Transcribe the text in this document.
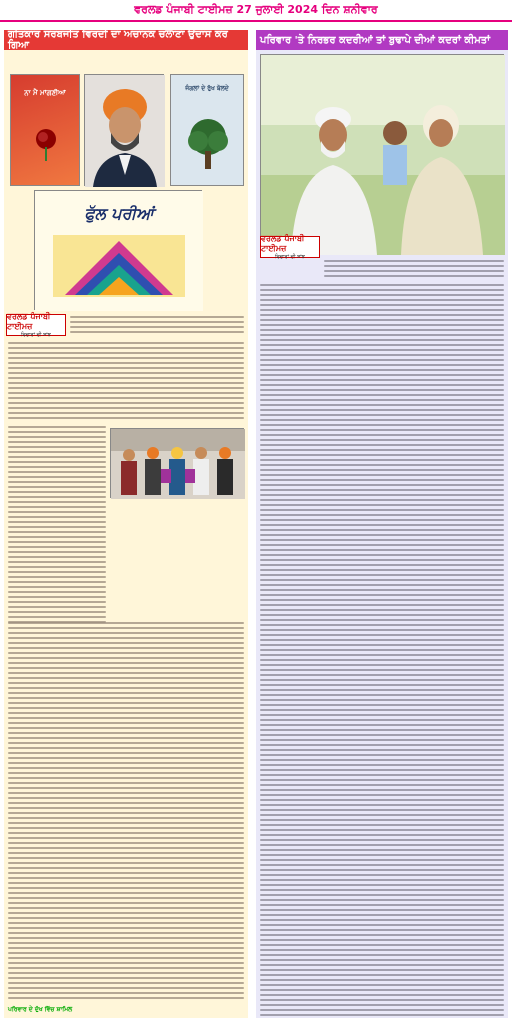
ਵਰਲਡ ਪੰਜਾਬੀ ਟਾਈਮਜ਼ 27 ਜੁਲਾਈ 2024 ਦਿਨ ਸ਼ਨੀਵਾਰ
ਗੀਤਕਾਰ ਸਰਬਜੀਤ ਵਿਰਦੀ ਦਾ ਅਚਾਨਕ ਚਲਾਣਾ ਉਦਾਸ ਕਰ ਗਿਆ
ਨਾ ਮੈਂ ਮਾਂਗਣੀਆਂ
ਜੰਗਲਾਂ ਦੇ ਰੁੱਖ ਬੋਲਦੇ
ਫੁੱਲ ਪਰੀਆਂ
ਵਰਲਡ ਪੰਜਾਬੀ ਟਾਈਮਜ਼
ਵਿਚਾਰਾਂ ਦੀ ਸਾਂਝ
ਪਰਿਵਾਰ ਦੇ ਦੁੱਖ ਵਿੱਚ ਸ਼ਾਮਿਲ
ਪਰਿਵਾਰ 'ਤੇ ਨਿਰਭਰ ਕਦਰੀਆਂ ਤਾਂ ਬੁਢਾਪੇ ਦੀਆਂ ਕਦਰਾਂ ਕੀਮਤਾਂ
ਵਰਲਡ ਪੰਜਾਬੀ ਟਾਈਮਜ਼
ਵਿਚਾਰਾਂ ਦੀ ਸਾਂਝ
